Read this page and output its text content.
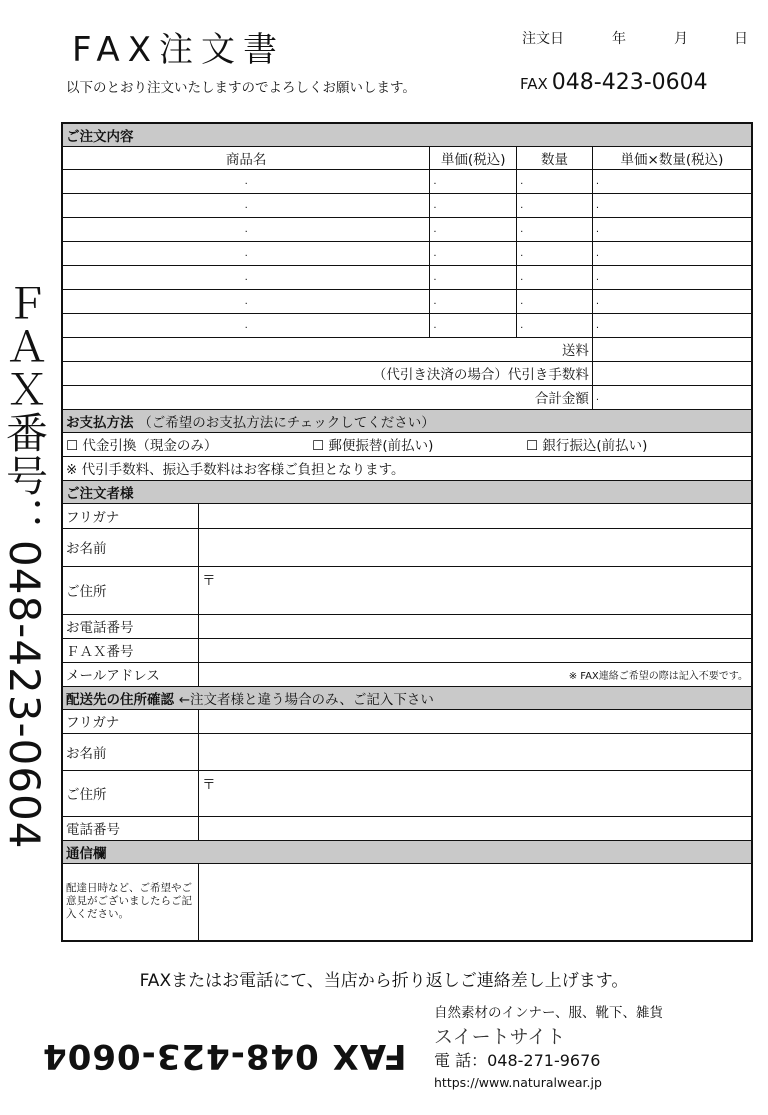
FAX注文書	注文日	年	月	日
以下のとおり注文いたしますのでよろしくお願いします。	FAX 048-423-0604
ＦＡＸ番号：048-423-0604
ご注文内容				
商品名		単価(税込)	数量	単価×数量(税込)
.		.	.	.
.		.	.	.
.		.	.	.
.		.	.	.
.		.	.	.
.		.	.	.
.		.	.	.
送料				
（代引き決済の場合）代引き手数料				
合計金額				.
お支払方法 （ご希望のお支払方法にチェックしてください）				
☐ 代金引換（現金のみ） ☐ 郵便振替(前払い) ☐ 銀行振込(前払い)				
※ 代引手数料、振込手数料はお客様ご負担となります。				
ご注文者様				
フリガナ				
お名前				
ご住所	〒			
お電話番号				
ＦＡＸ番号				
メールアドレス	※ FAX連絡ご希望の際は記入不要です。			
配送先の住所確認 ←注文者様と違う場合のみ、ご記入下さい				
フリガナ				
お名前				
ご住所	〒			
電話番号				
通信欄				
配達日時など、ご希望やご意見がございましたらご記入ください。				
FAXまたはお電話にて、当店から折り返しご連絡差し上げます。
FAX 048-423-0604
自然素材のインナー、服、靴下、雑貨
スイートサイト
電 話：048-271-9676
https://www.naturalwear.jp
